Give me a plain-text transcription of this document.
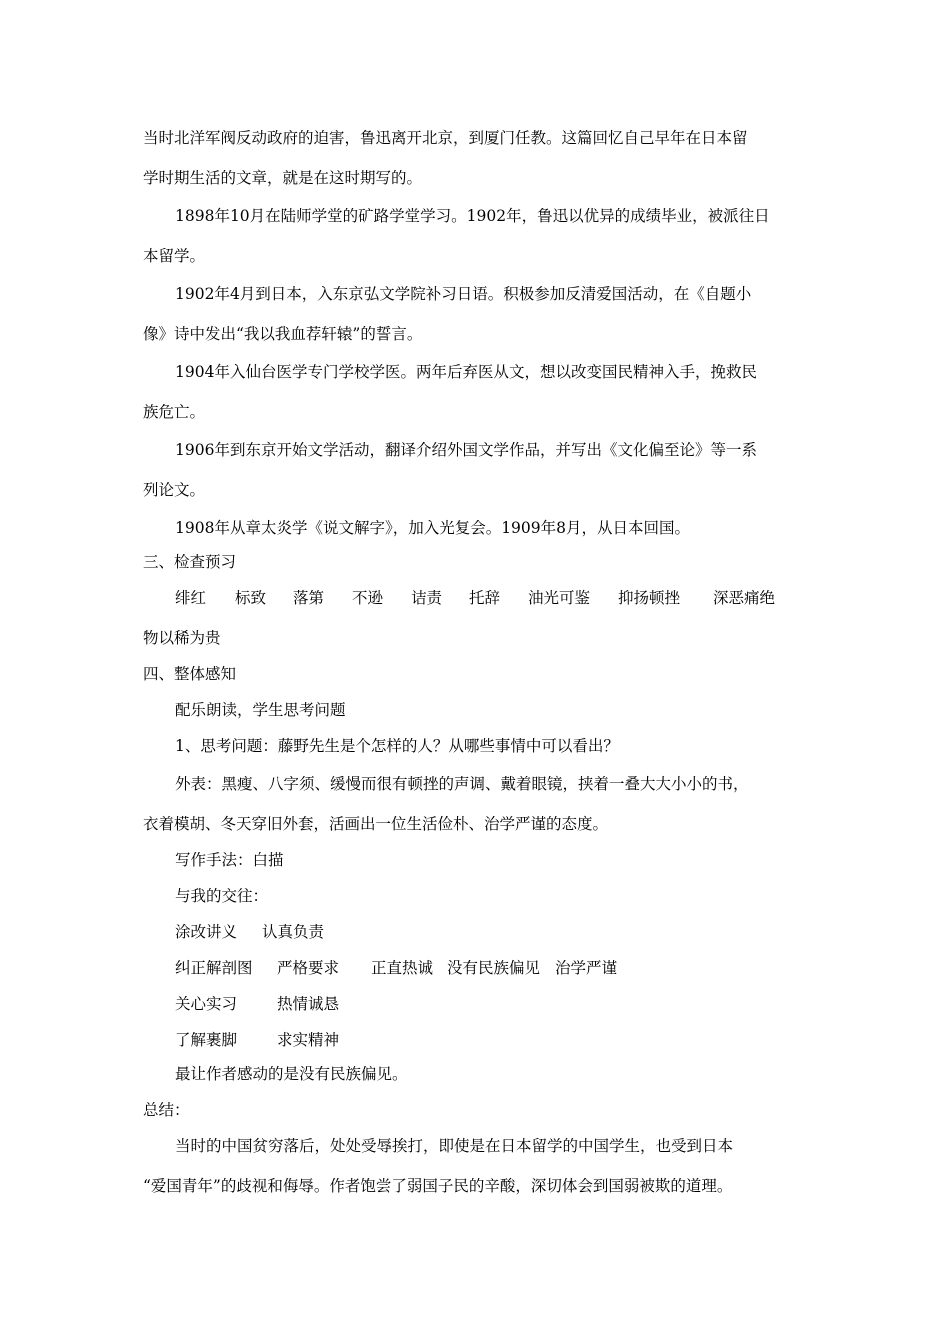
当时北洋军阀反动政府的迫害，鲁迅离开北京，到厦门任教。这篇回忆自己早年在日本留
学时期生活的文章，就是在这时期写的。
1898年10月在陆师学堂的矿路学堂学习。1902年，鲁迅以优异的成绩毕业，被派往日
本留学。
1902年4月到日本，入东京弘文学院补习日语。积极参加反清爱国活动，在《自题小
像》诗中发出“我以我血荐轩辕”的誓言。
1904年入仙台医学专门学校学医。两年后弃医从文，想以改变国民精神入手，挽救民
族危亡。
1906年到东京开始文学活动，翻译介绍外国文学作品，并写出《文化偏至论》等一系
列论文。
1908年从章太炎学《说文解字》，加入光复会。1909年8月，从日本回国。
三、检查预习
绯红 标致 落第 不逊 诘责 托辞 油光可鉴 抑扬顿挫 深恶痛绝
物以稀为贵
四、整体感知
配乐朗读，学生思考问题
1、思考问题：藤野先生是个怎样的人？从哪些事情中可以看出？
外表：黑瘦、八字须、缓慢而很有顿挫的声调、戴着眼镜，挟着一叠大大小小的书，
衣着模胡、冬天穿旧外套，活画出一位生活俭朴、治学严谨的态度。
写作手法：白描
与我的交往：
涂改讲义 认真负责
纠正解剖图 严格要求 正直热诚 没有民族偏见 治学严谨
关心实习	热情诚恳
了解裹脚	求实精神
最让作者感动的是没有民族偏见。
总结：
当时的中国贫穷落后，处处受辱挨打，即使是在日本留学的中国学生，也受到日本
“爱国青年”的歧视和侮辱。作者饱尝了弱国子民的辛酸，深切体会到国弱被欺的道理。
